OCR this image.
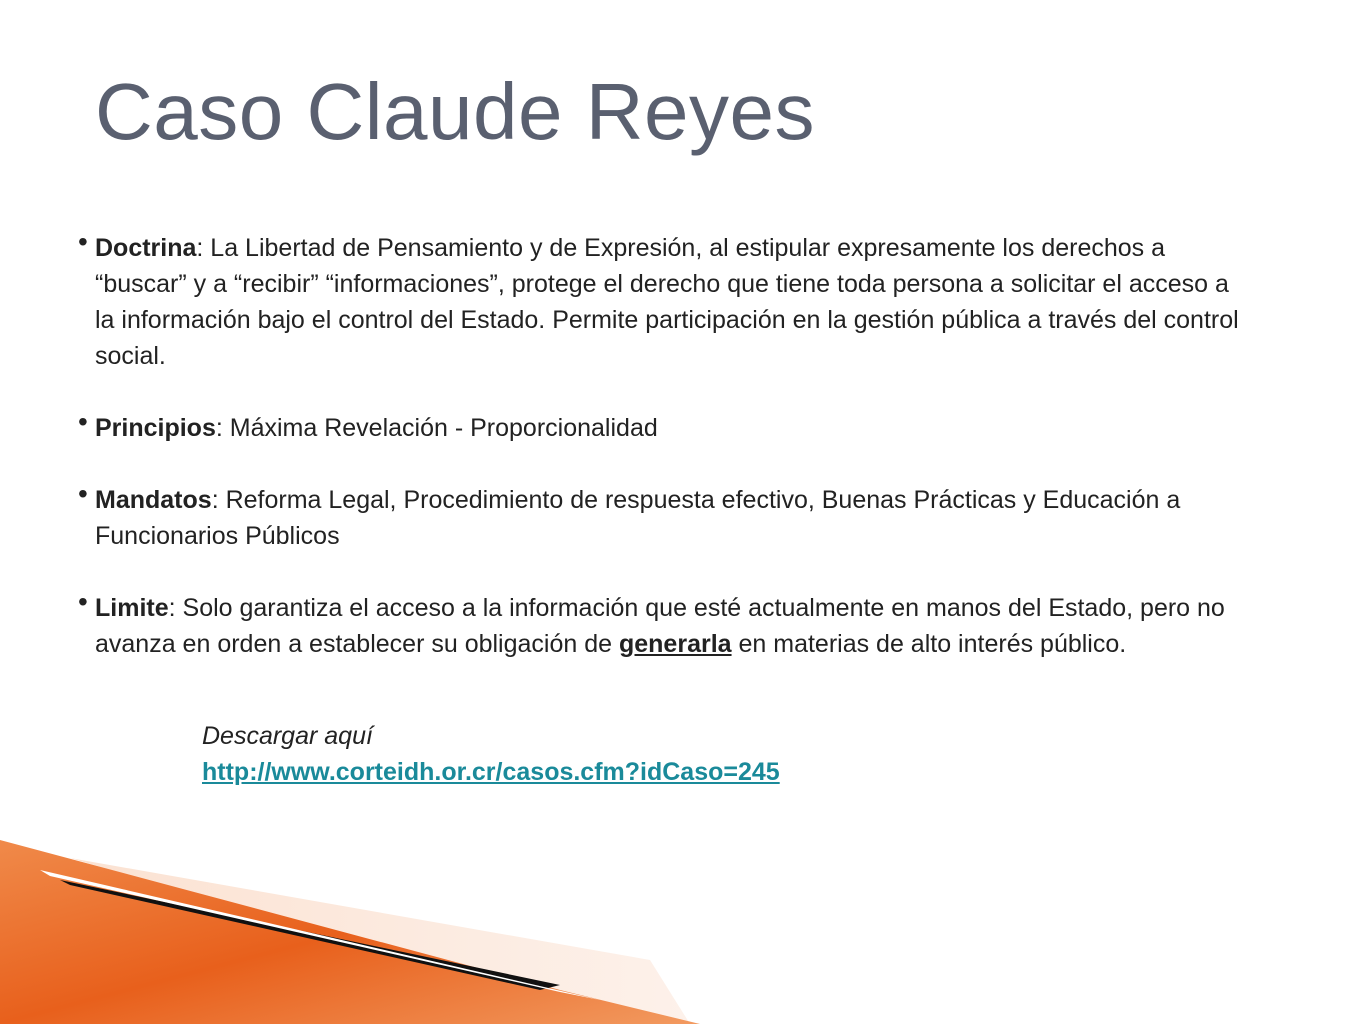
Caso Claude Reyes

• Doctrina: La Libertad de Pensamiento y de Expresión, al estipular expresamente los derechos a “buscar” y a “recibir” “informaciones”, protege el derecho que tiene toda persona a solicitar el acceso a la información bajo el control del Estado. Permite participación en la gestión pública a través del control social.

• Principios: Máxima Revelación - Proporcionalidad

• Mandatos: Reforma Legal, Procedimiento de respuesta efectivo, Buenas Prácticas y Educación a Funcionarios Públicos

• Limite: Solo garantiza el acceso a la información que esté actualmente en manos del Estado, pero no avanza en orden a establecer su obligación de generarla en materias de alto interés público.

Descargar aquí
http://www.corteidh.or.cr/casos.cfm?idCaso=245
